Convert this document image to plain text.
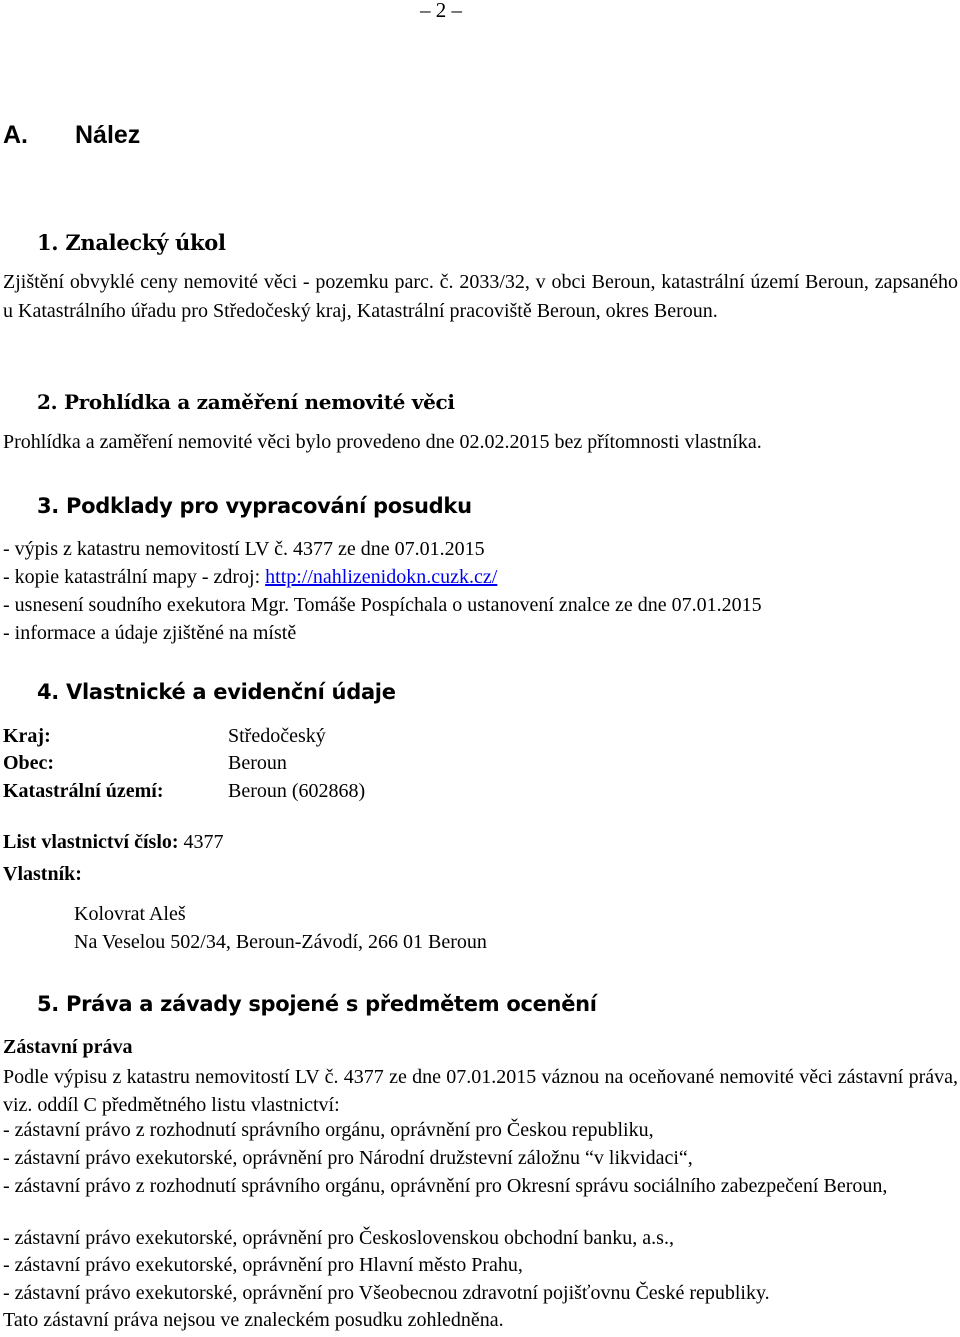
– 2 –
A. Nález
1. Znalecký úkol
Zjištění obvyklé ceny nemovité věci - pozemku parc. č. 2033/32, v obci Beroun, katastrální území Beroun, zapsaného u Katastrálního úřadu pro Středočeský kraj, Katastrální pracoviště Beroun, okres Beroun.
2. Prohlídka a zaměření nemovité věci
Prohlídka a zaměření nemovité věci bylo provedeno dne 02.02.2015 bez přítomnosti vlastníka.
3. Podklady pro vypracování posudku
- výpis z katastru nemovitostí LV č. 4377 ze dne 07.01.2015
- kopie katastrální mapy - zdroj: http://nahlizenidokn.cuzk.cz/
- usnesení soudního exekutora Mgr. Tomáše Pospíchala o ustanovení znalce ze dne 07.01.2015
- informace a údaje zjištěné na místě
4. Vlastnické a evidenční údaje
Kraj:	Středočeský
Obec:	Beroun
Katastrální území:	Beroun (602868)
List vlastnictví číslo: 4377
Vlastník:
Kolovrat Aleš
Na Veselou 502/34, Beroun-Závodí, 266 01 Beroun
5. Práva a závady spojené s předmětem ocenění
Zástavní práva
Podle výpisu z katastru nemovitostí LV č. 4377 ze dne 07.01.2015 váznou na oceňované nemovité věci zástavní práva, viz. oddíl C předmětného listu vlastnictví:
- zástavní právo z rozhodnutí správního orgánu, oprávnění pro Českou republiku,
- zástavní právo exekutorské, oprávnění pro Národní družstevní záložnu “v likvidaci“,
- zástavní právo z rozhodnutí správního orgánu, oprávnění pro Okresní správu sociálního zabezpečení Beroun,
- zástavní právo exekutorské, oprávnění pro Československou obchodní banku, a.s.,
- zástavní právo exekutorské, oprávnění pro Hlavní město Prahu,
- zástavní právo exekutorské, oprávnění pro Všeobecnou zdravotní pojišťovnu České republiky.
Tato zástavní práva nejsou ve znaleckém posudku zohledněna.
